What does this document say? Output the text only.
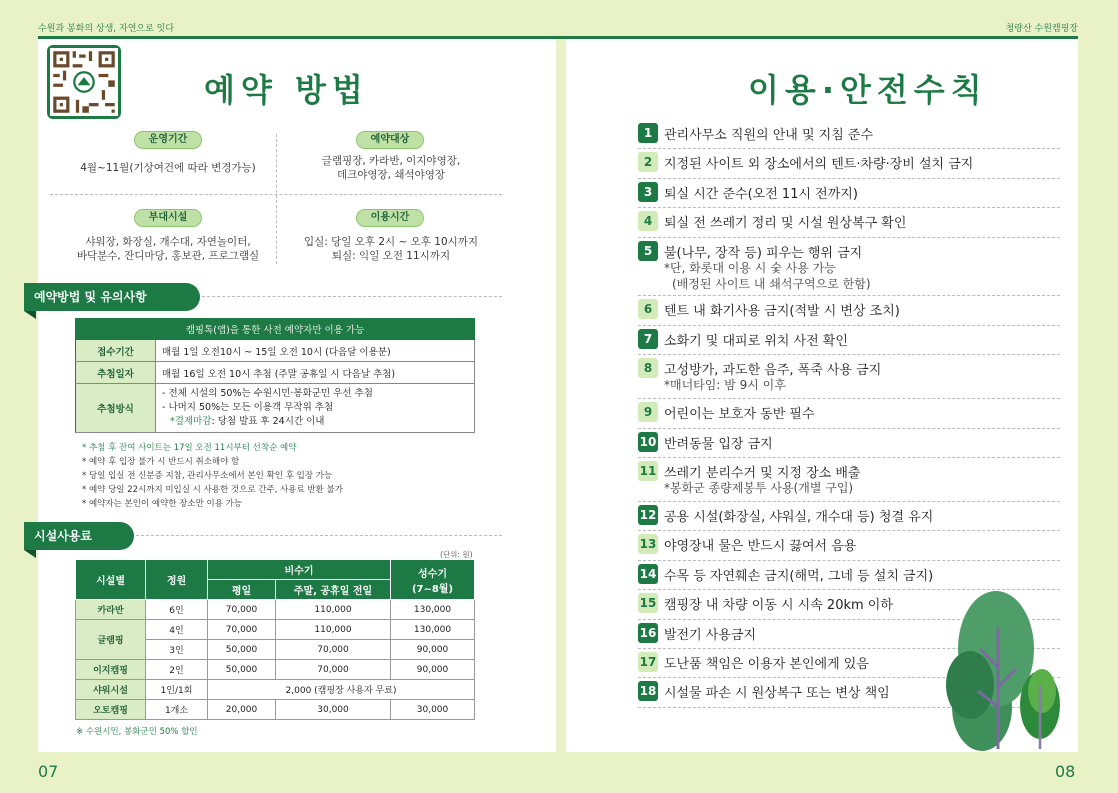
수원과 봉화의 상생, 자연으로 잇다	청량산 수원캠핑장
예약 방법
운영기간
4월~11월(기상여건에 따라 변경가능)
예약대상
글램핑장, 카라반, 이지야영장,
데크야영장, 쇄석야영장
부대시설
샤워장, 화장실, 개수대, 자연놀이터,
바닥분수, 잔디마당, 홍보관, 프로그램실
이용시간
입실: 당일 오후 2시 ~ 오후 10시까지
퇴실: 익일 오전 11시까지
예약방법 및 유의사항
캠핑톡(앱)을 통한 사전 예약자만 이용 가능	
접수기간	매월 1일 오전10시 ~ 15일 오전 10시 (다음달 이용분)
추첨일자	매월 16일 오전 10시 추첨 (주말 공휴일 시 다음날 추첨)
추첨방식	- 전체 시설의 50%는 수원시민·봉화군민 우선 추첨
- 나머지 50%는 모든 이용객 무작위 추첨
*결제마감: 당첨 발표 후 24시간 이내
* 추첨 후 잔여 사이트는 17일 오전 11시부터 선착순 예약
* 예약 후 입장 불가 시 반드시 취소해야 함
* 당일 입실 전 신분증 지참, 관리사무소에서 본인 확인 후 입장 가능
* 예약 당일 22시까지 미입실 시 사용한 것으로 간주, 사용료 반환 불가
* 예약자는 본인이 예약한 장소만 이용 가능
시설사용료
(단위: 원)
시설별	정원	비수기		성수기
(7~8월)

		평일	주말, 공휴일 전일	
카라반	6인	70,000	110,000	130,000
글램핑	4인	70,000	110,000	130,000
	3인	50,000	70,000	90,000
이지캠핑	2인	50,000	70,000	90,000
샤워시설	1인/1회	2,000 (캠핑장 사용자 무료)		
오토캠핑	1개소	20,000	30,000	30,000
※ 수원시민, 봉화군민 50% 할인
이용·안전수칙
1 관리사무소 직원의 안내 및 지침 준수
2 지정된 사이트 외 장소에서의 텐트·차량·장비 설치 금지
3 퇴실 시간 준수(오전 11시 전까지)
4 퇴실 전 쓰레기 정리 및 시설 원상복구 확인
5 불(나무, 장작 등) 피우는 행위 금지
*단, 화롯대 이용 시 숯 사용 가능
(배정된 사이트 내 쇄석구역으로 한함)
6 텐트 내 화기사용 금지(적발 시 변상 조치)
7 소화기 및 대피로 위치 사전 확인
8 고성방가, 과도한 음주, 폭죽 사용 금지
*매너타임: 밤 9시 이후
9 어린이는 보호자 동반 필수
10 반려동물 입장 금지
11 쓰레기 분리수거 및 지정 장소 배출
*봉화군 종량제봉투 사용(개별 구입)
12 공용 시설(화장실, 샤워실, 개수대 등) 청결 유지
13 야영장내 물은 반드시 끓여서 음용
14 수목 등 자연훼손 금지(해먹, 그네 등 설치 금지)
15 캠핑장 내 차량 이동 시 시속 20km 이하
16 발전기 사용금지
17 도난품 책임은 이용자 본인에게 있음
18 시설물 파손 시 원상복구 또는 변상 책임
07	08
